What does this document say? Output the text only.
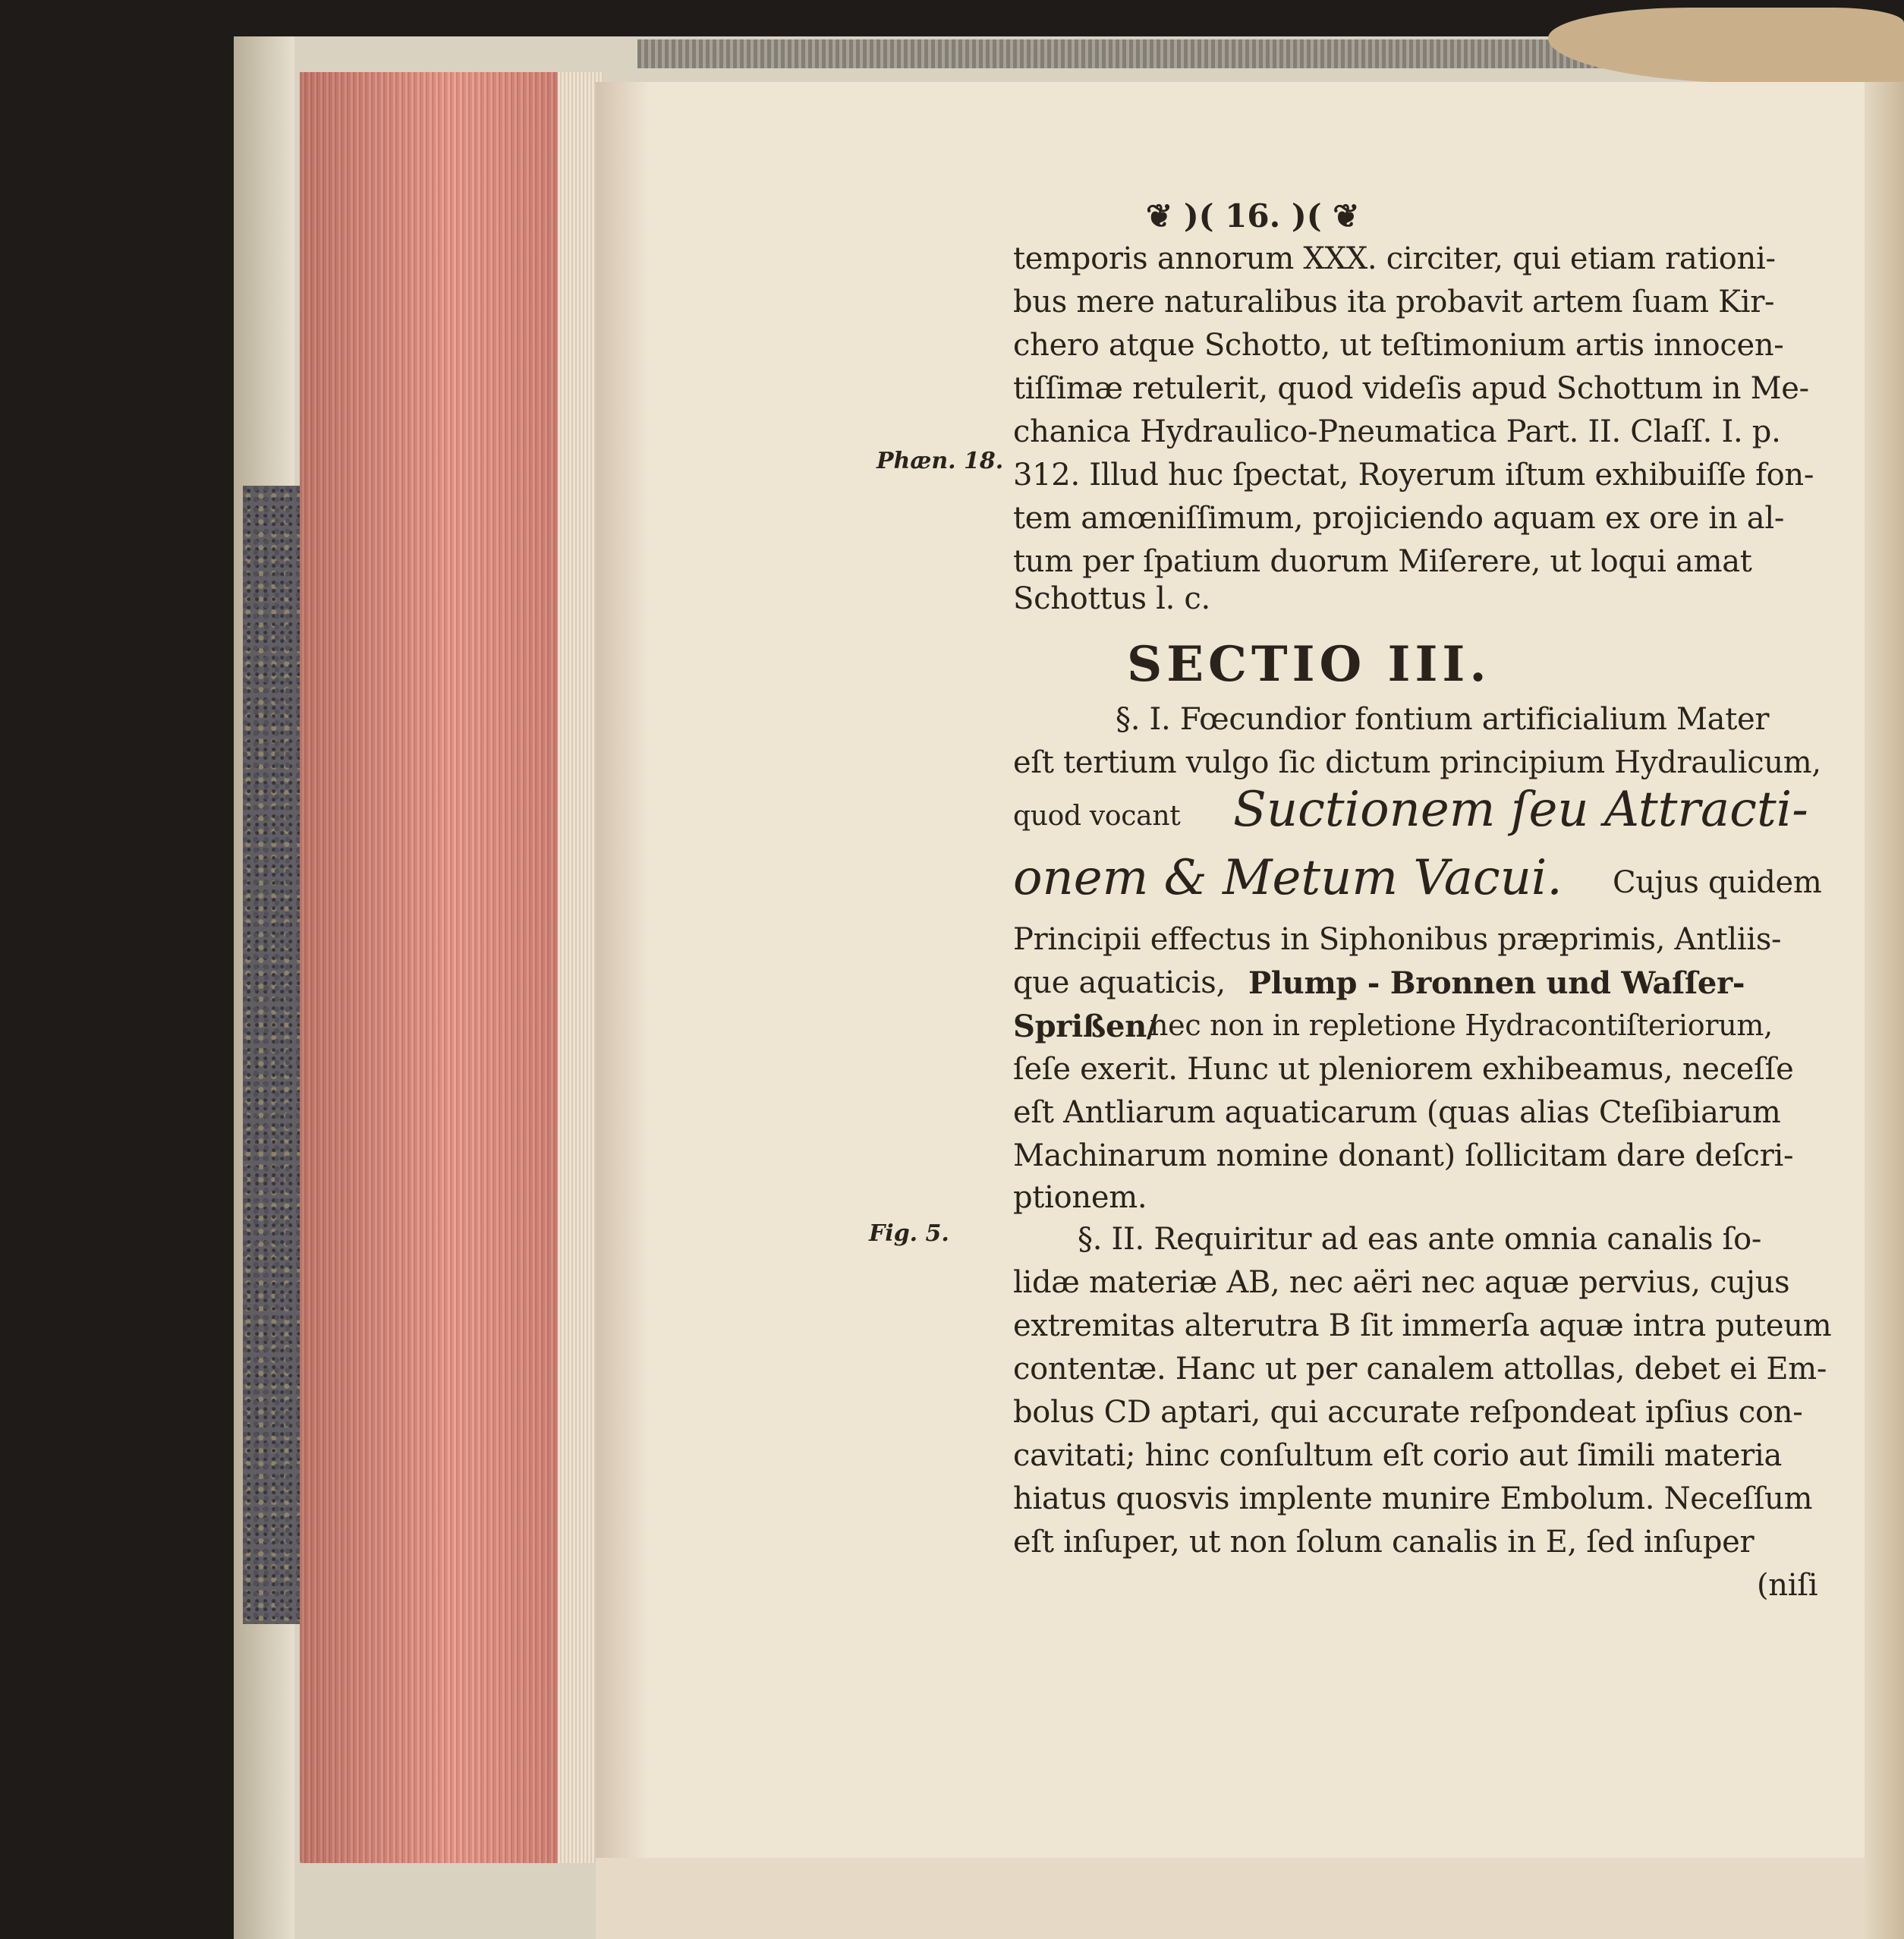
❦ )( 16. )( ❦
Phæn. 18.
Fig. 5.
temporis annorum XXX. circiter, qui etiam rationi-
bus mere naturalibus ita probavit artem ſuam Kir-
chero atque Schotto, ut teſtimonium artis innocen-
tiſſimæ retulerit, quod videſis apud Schottum in Me-
chanica Hydraulico-Pneumatica Part. II. Claſſ. I. p.
312. Illud huc ſpectat, Royerum iſtum exhibuiſſe fon-
tem amœniſſimum, projiciendo aquam ex ore in al-
tum per ſpatium duorum Miſerere, ut loqui amat
Schottus l. c.
SECTIO III.
§. I. Fœcundior fontium artificialium Mater
eſt tertium vulgo ſic dictum principium Hydraulicum,
quod vocant Suctionem ſeu Attracti-
onem & Metum Vacui. Cujus quidem
Principii effectus in Siphonibus præprimis, Antliis-
que aquaticis, Plump - Bronnen und Waſſer-
Sprißen/
nec non in repletione Hydracontiſteriorum,
ſeſe exerit. Hunc ut pleniorem exhibeamus, neceſſe
eſt Antliarum aquaticarum (quas alias Cteſibiarum
Machinarum nomine donant) ſollicitam dare deſcri-
ptionem.
§. II. Requiritur ad eas ante omnia canalis ſo-
lidæ materiæ AB, nec aëri nec aquæ pervius, cujus
extremitas alterutra B ſit immerſa aquæ intra puteum
contentæ. Hanc ut per canalem attollas, debet ei Em-
bolus CD aptari, qui accurate reſpondeat ipſius con-
cavitati; hinc conſultum eſt corio aut ſimili materia
hiatus quosvis implente munire Embolum. Neceſſum
eſt inſuper, ut non ſolum canalis in E, ſed inſuper
(niſi
